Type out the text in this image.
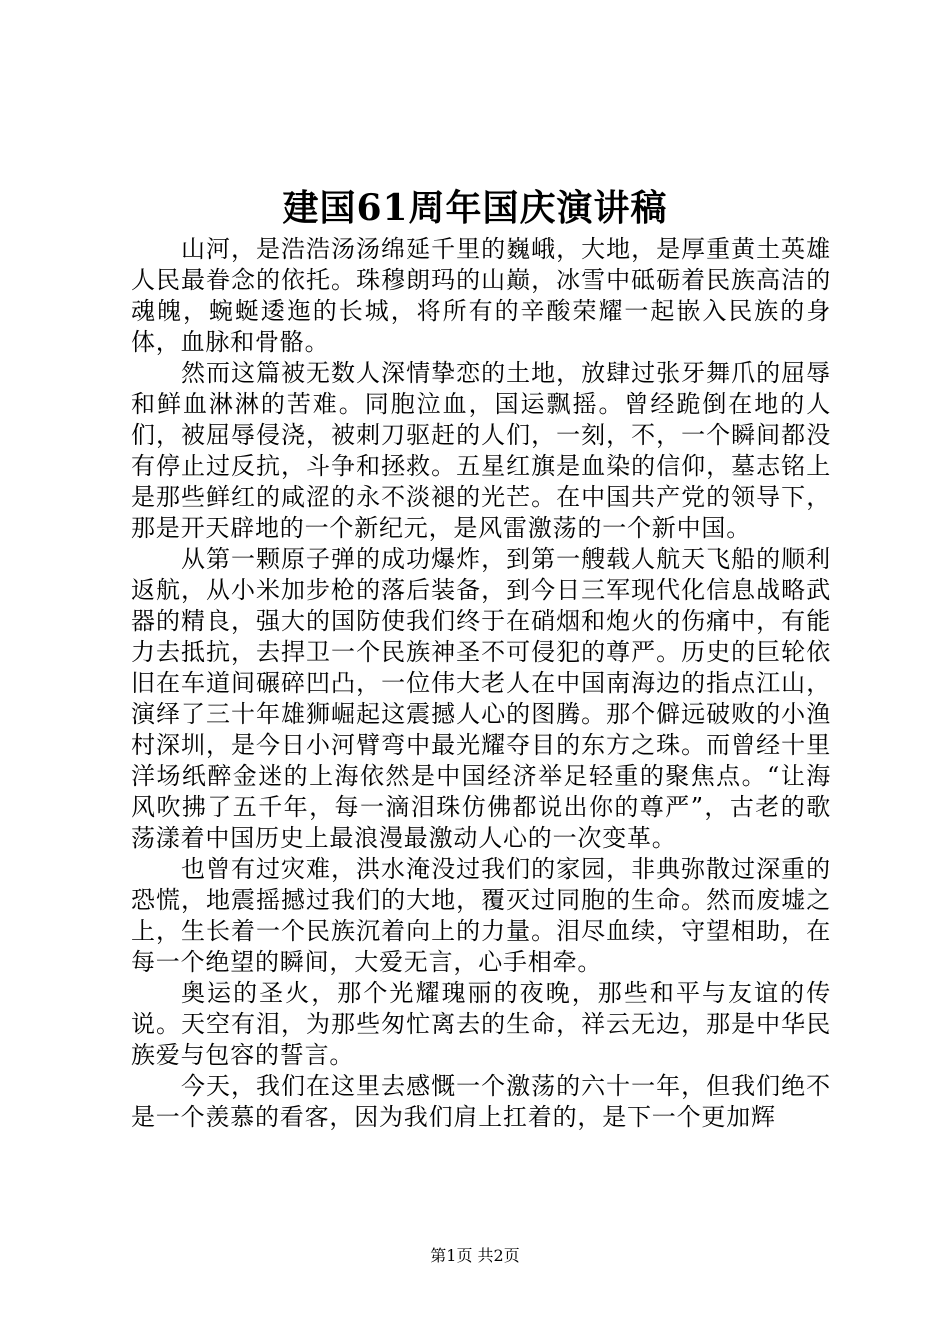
建国61周年国庆演讲稿

山河，是浩浩汤汤绵延千里的巍峨，大地，是厚重黄土英雄人民最眷念的依托。珠穆朗玛的山巅，冰雪中砥砺着民族高洁的魂魄，蜿蜒逶迤的长城，将所有的辛酸荣耀一起嵌入民族的身体，血脉和骨骼。

然而这篇被无数人深情挚恋的土地，放肆过张牙舞爪的屈辱和鲜血淋淋的苦难。同胞泣血，国运飘摇。曾经跪倒在地的人们，被屈辱侵浇，被刺刀驱赶的人们，一刻，不，一个瞬间都没有停止过反抗，斗争和拯救。五星红旗是血染的信仰，墓志铭上是那些鲜红的咸涩的永不淡褪的光芒。在中国共产党的领导下，那是开天辟地的一个新纪元，是风雷激荡的一个新中国。

从第一颗原子弹的成功爆炸，到第一艘载人航天飞船的顺利返航，从小米加步枪的落后装备，到今日三军现代化信息战略武器的精良，强大的国防使我们终于在硝烟和炮火的伤痛中，有能力去抵抗，去捍卫一个民族神圣不可侵犯的尊严。历史的巨轮依旧在车道间碾碎凹凸，一位伟大老人在中国南海边的指点江山，演绎了三十年雄狮崛起这震撼人心的图腾。那个僻远破败的小渔村深圳，是今日小河臂弯中最光耀夺目的东方之珠。而曾经十里洋场纸醉金迷的上海依然是中国经济举足轻重的聚焦点。“让海风吹拂了五千年，每一滴泪珠仿佛都说出你的尊严”，古老的歌荡漾着中国历史上最浪漫最激动人心的一次变革。

也曾有过灾难，洪水淹没过我们的家园，非典弥散过深重的恐慌，地震摇撼过我们的大地，覆灭过同胞的生命。然而废墟之上，生长着一个民族沉着向上的力量。泪尽血续，守望相助，在每一个绝望的瞬间，大爱无言，心手相牵。

奥运的圣火，那个光耀瑰丽的夜晚，那些和平与友谊的传说。天空有泪，为那些匆忙离去的生命，祥云无边，那是中华民族爱与包容的誓言。

今天，我们在这里去感慨一个激荡的六十一年，但我们绝不是一个羡慕的看客，因为我们肩上扛着的，是下一个更加辉

第1页 共2页
